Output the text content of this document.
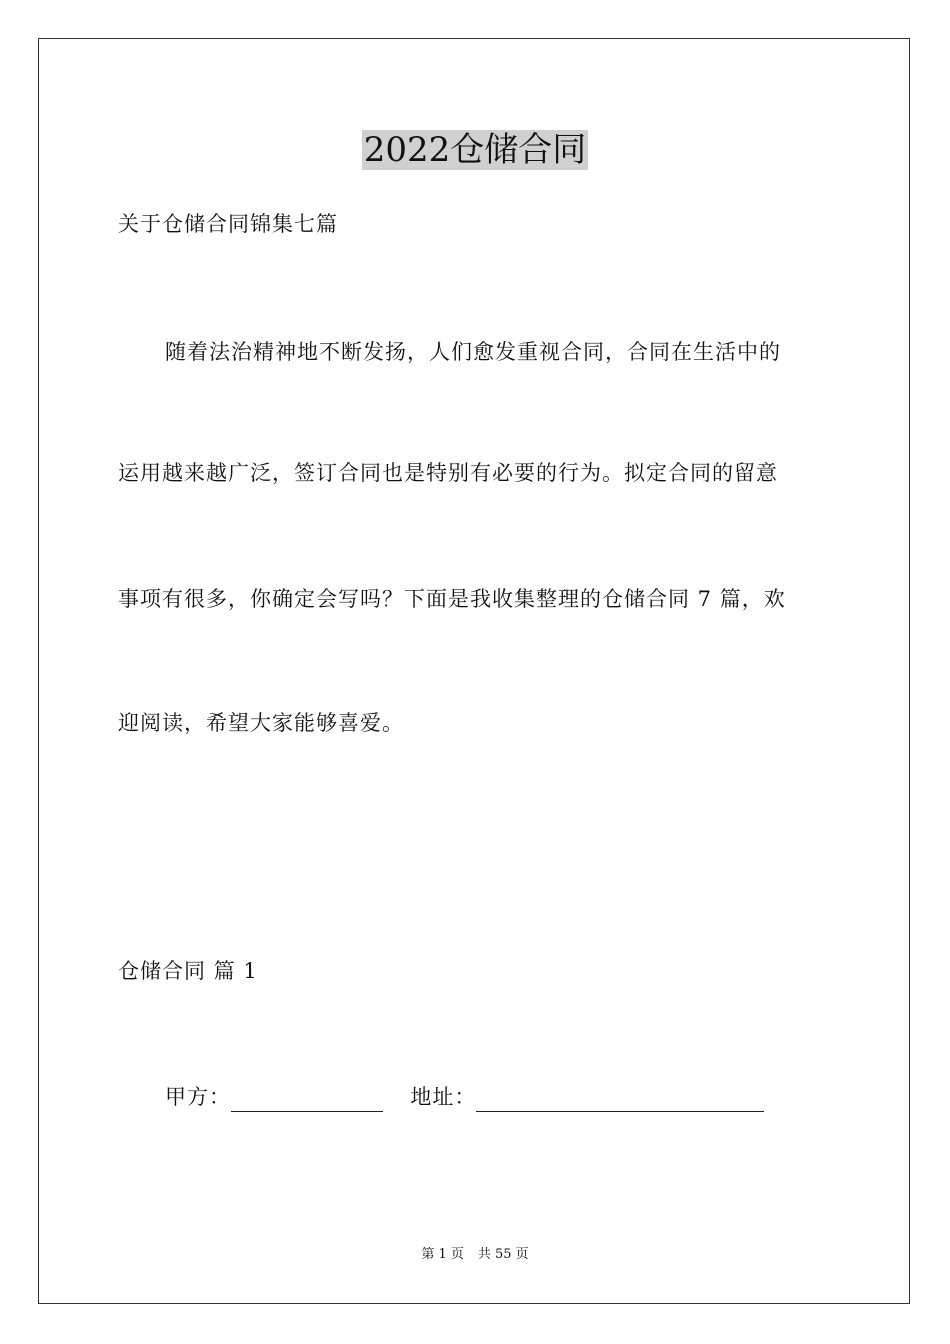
2022仓储合同
关于仓储合同锦集七篇
随着法治精神地不断发扬，人们愈发重视合同，合同在生活中的
运用越来越广泛，签订合同也是特别有必要的行为。拟定合同的留意
事项有很多，你确定会写吗？下面是我收集整理的仓储合同 7 篇，欢
迎阅读，希望大家能够喜爱。
仓储合同 篇 1
甲方：	地址：
第 1 页 共 55 页
